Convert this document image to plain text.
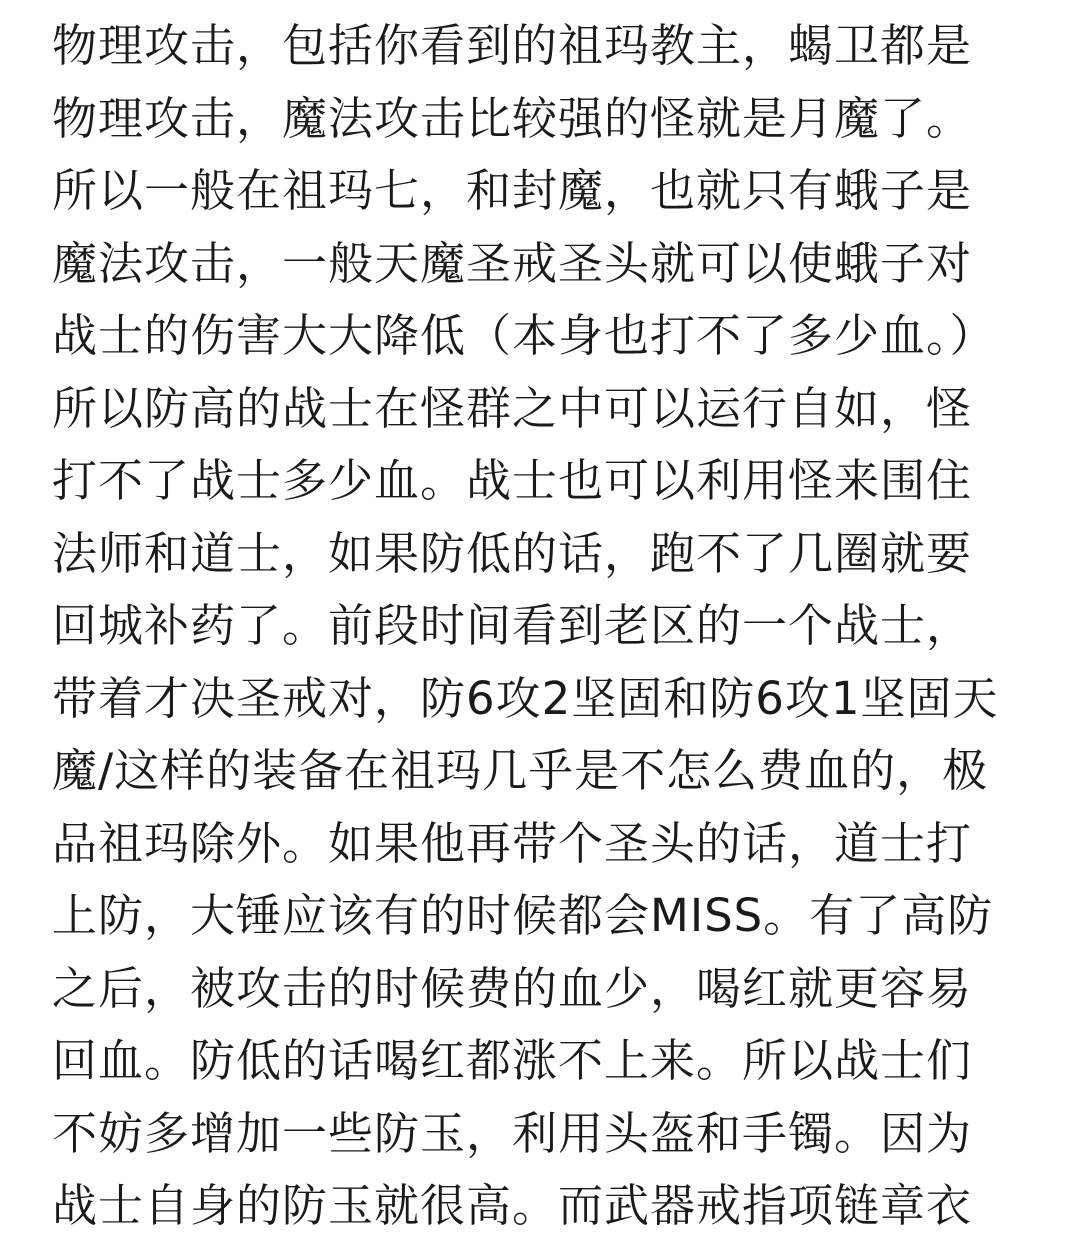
物理攻击，包括你看到的祖玛教主，蝎卫都是
物理攻击，魔法攻击比较强的怪就是月魔了。
所以一般在祖玛七，和封魔，也就只有蛾子是
魔法攻击，一般天魔圣戒圣头就可以使蛾子对
战士的伤害大大降低（本身也打不了多少血。）
所以防高的战士在怪群之中可以运行自如，怪
打不了战士多少血。战士也可以利用怪来围住
法师和道士，如果防低的话，跑不了几圈就要
回城补药了。前段时间看到老区的一个战士，
带着才决圣戒对，防6攻2坚固和防6攻1坚固天
魔/这样的装备在祖玛几乎是不怎么费血的，极
品祖玛除外。如果他再带个圣头的话，道士打
上防，大锤应该有的时候都会MISS。有了高防
之后，被攻击的时候费的血少，喝红就更容易
回血。防低的话喝红都涨不上来。所以战士们
不妨多增加一些防玉，利用头盔和手镯。因为
战士自身的防玉就很高。而武器戒指项链章衣
